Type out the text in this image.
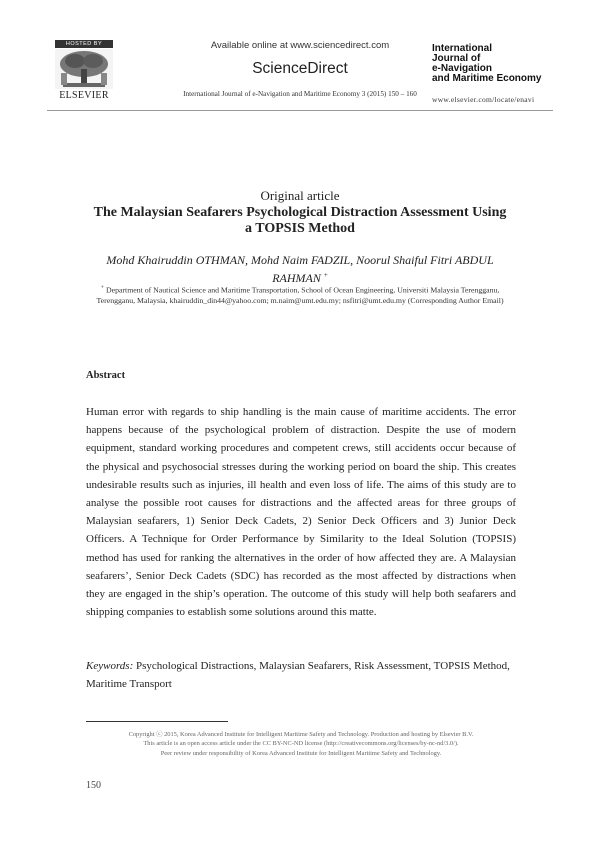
HOSTED BY
ELSEVIER
Available online at www.sciencedirect.com
ScienceDirect
International Journal of e-Navigation and Maritime Economy 3 (2015) 150 – 160
International
Journal of
e-Navigation
and Maritime Economy
www.elsevier.com/locate/enavi
Original article
The Malaysian Seafarers Psychological Distraction Assessment Using
a TOPSIS Method
Mohd Khairuddin OTHMAN, Mohd Naim FADZIL, Noorul Shaiful Fitri ABDUL
RAHMAN +
+ Department of Nautical Science and Maritime Transportation, School of Ocean Engineering, Universiti Malaysia Terengganu,
Terengganu, Malaysia, khairuddin_din44@yahoo.com; m.naim@umt.edu.my; nsfitri@umt.edu.my (Corresponding Author Email)
Abstract
Human error with regards to ship handling is the main cause of maritime accidents. The error happens because of the psychological problem of distraction. Despite the use of modern equipment, standard working procedures and competent crews, still accidents occur because of the physical and psychosocial stresses during the working period on board the ship. This creates undesirable results such as injuries, ill health and even loss of life. The aims of this study are to analyse the possible root causes for distractions and the affected areas for three groups of Malaysian seafarers, 1) Senior Deck Cadets, 2) Senior Deck Officers and 3) Junior Deck Officers. A Technique for Order Performance by Similarity to the Ideal Solution (TOPSIS) method has used for ranking the alternatives in the order of how affected they are. A Malaysian seafarers’, Senior Deck Cadets (SDC) has recorded as the most affected by distractions when they are engaged in the ship’s operation. The outcome of this study will help both seafarers and shipping companies to establish some solutions around this matte.
Keywords: Psychological Distractions, Malaysian Seafarers, Risk Assessment, TOPSIS Method, Maritime Transport
Copyright ⓒ 2015, Korea Advanced Institute for Intelligent Maritime Safety and Technology. Production and hosting by Elsevier B.V.
This article is an open access article under the CC BY-NC-ND license (http://creativecommons.org/licenses/by-nc-nd/3.0/).
Peer review under responsibility of Korea Advanced Institute for Intelligent Maritime Safety and Technology.
150
